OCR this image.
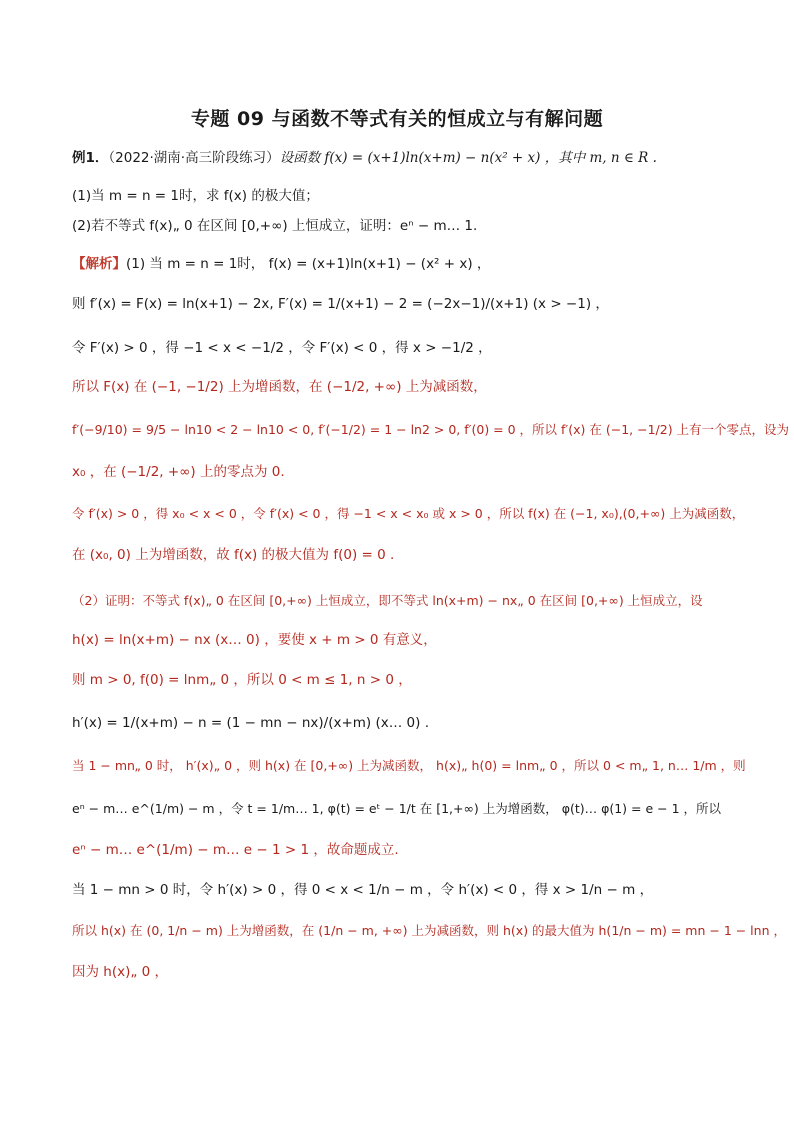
专题 09 与函数不等式有关的恒成立与有解问题
例1．（2022·湖南·高三阶段练习）设函数 f(x) = (x+1)ln(x+m) − n(x² + x) ，其中 m, n ∈ R .
(1)当 m = n = 1时，求 f(x) 的极大值；
(2)若不等式 f(x)„ 0 在区间 [0,+∞) 上恒成立，证明：eⁿ − m… 1.
【解析】(1) 当 m = n = 1时， f(x) = (x+1)ln(x+1) − (x² + x) ，
则 f′(x) = F(x) = ln(x+1) − 2x, F′(x) = 1/(x+1) − 2 = (−2x−1)/(x+1) (x > −1) ，
令 F′(x) > 0 ，得 −1 < x < −1/2 ，令 F′(x) < 0 ，得 x > −1/2 ，
所以 F(x) 在 (−1, −1/2) 上为增函数，在 (−1/2, +∞) 上为减函数，
f′(−9/10) = 9/5 − ln10 < 2 − ln10 < 0, f′(−1/2) = 1 − ln2 > 0, f′(0) = 0 ，所以 f′(x) 在 (−1, −1/2) 上有一个零点，设为
x₀ ，在 (−1/2, +∞) 上的零点为 0.
令 f′(x) > 0 ，得 x₀ < x < 0 ，令 f′(x) < 0 ，得 −1 < x < x₀ 或 x > 0 ，所以 f(x) 在 (−1, x₀),(0,+∞) 上为减函数，
在 (x₀, 0) 上为增函数，故 f(x) 的极大值为 f(0) = 0 .
（2）证明：不等式 f(x)„ 0 在区间 [0,+∞) 上恒成立，即不等式 ln(x+m) − nx„ 0 在区间 [0,+∞) 上恒成立，设
h(x) = ln(x+m) − nx (x… 0) ，要使 x + m > 0 有意义，
则 m > 0, f(0) = lnm„ 0 ，所以 0 < m ≤ 1, n > 0 ，
h′(x) = 1/(x+m) − n = (1 − mn − nx)/(x+m) (x… 0) .
当 1 − mn„ 0 时， h′(x)„ 0 ，则 h(x) 在 [0,+∞) 上为减函数， h(x)„ h(0) = lnm„ 0 ，所以 0 < m„ 1, n… 1/m ，则
eⁿ − m… e^(1/m) − m ，令 t = 1/m… 1, φ(t) = eᵗ − 1/t 在 [1,+∞) 上为增函数， φ(t)… φ(1) = e − 1 ，所以
eⁿ − m… e^(1/m) − m… e − 1 > 1 ，故命题成立.
当 1 − mn > 0 时，令 h′(x) > 0 ，得 0 < x < 1/n − m ，令 h′(x) < 0 ，得 x > 1/n − m ，
所以 h(x) 在 (0, 1/n − m) 上为增函数，在 (1/n − m, +∞) 上为减函数，则 h(x) 的最大值为 h(1/n − m) = mn − 1 − lnn ，
因为 h(x)„ 0 ，
